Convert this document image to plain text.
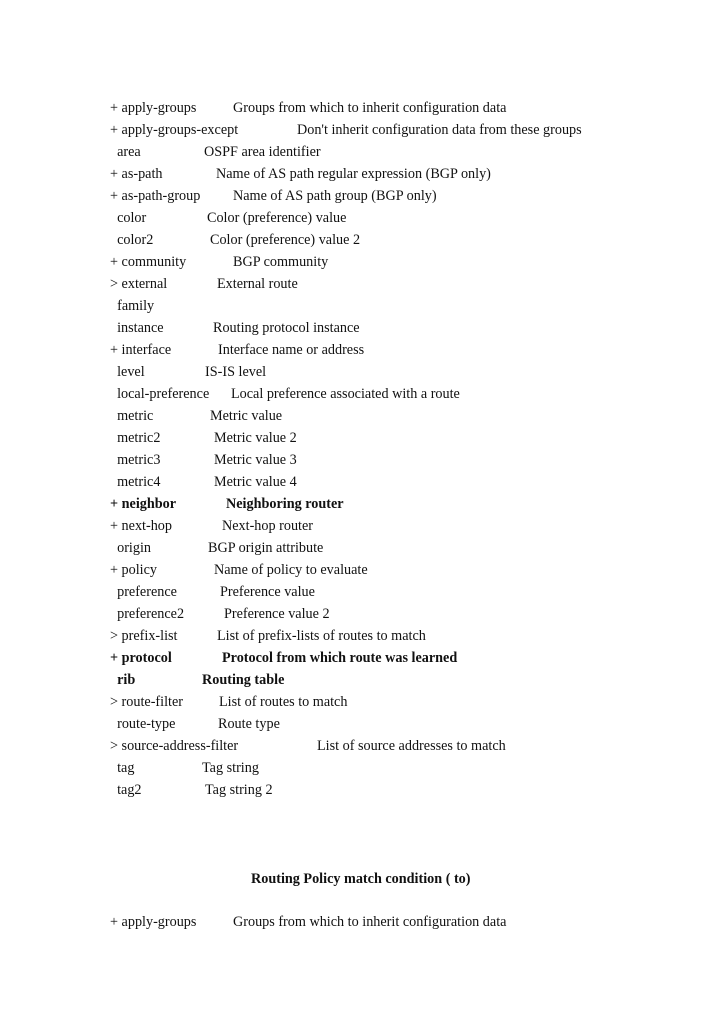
+ apply-groups	Groups from which to inherit configuration data
+ apply-groups-except	Don't inherit configuration data from these groups
area	OSPF area identifier
+ as-path	Name of AS path regular expression (BGP only)
+ as-path-group Name of AS path group (BGP only)
color	Color (preference) value
color2	Color (preference) value 2
+ community	BGP community
> external	External route
family
instance	Routing protocol instance
+ interface	Interface name or address
level	IS-IS level
local-preference Local preference associated with a route
metric	Metric value
metric2	Metric value 2
metric3	Metric value 3
metric4	Metric value 4
+ neighbor	Neighboring router
+ next-hop	Next-hop router
origin	BGP origin attribute
+ policy	Name of policy to evaluate
preference	Preference value
preference2	Preference value 2
> prefix-list	List of prefix-lists of routes to match
+ protocol	Protocol from which route was learned
rib	Routing table
> route-filter	List of routes to match
route-type	Route type
> source-address-filter	List of source addresses to match
tag	Tag string
tag2	Tag string 2
Routing Policy match condition ( to)
+ apply-groups	Groups from which to inherit configuration data
